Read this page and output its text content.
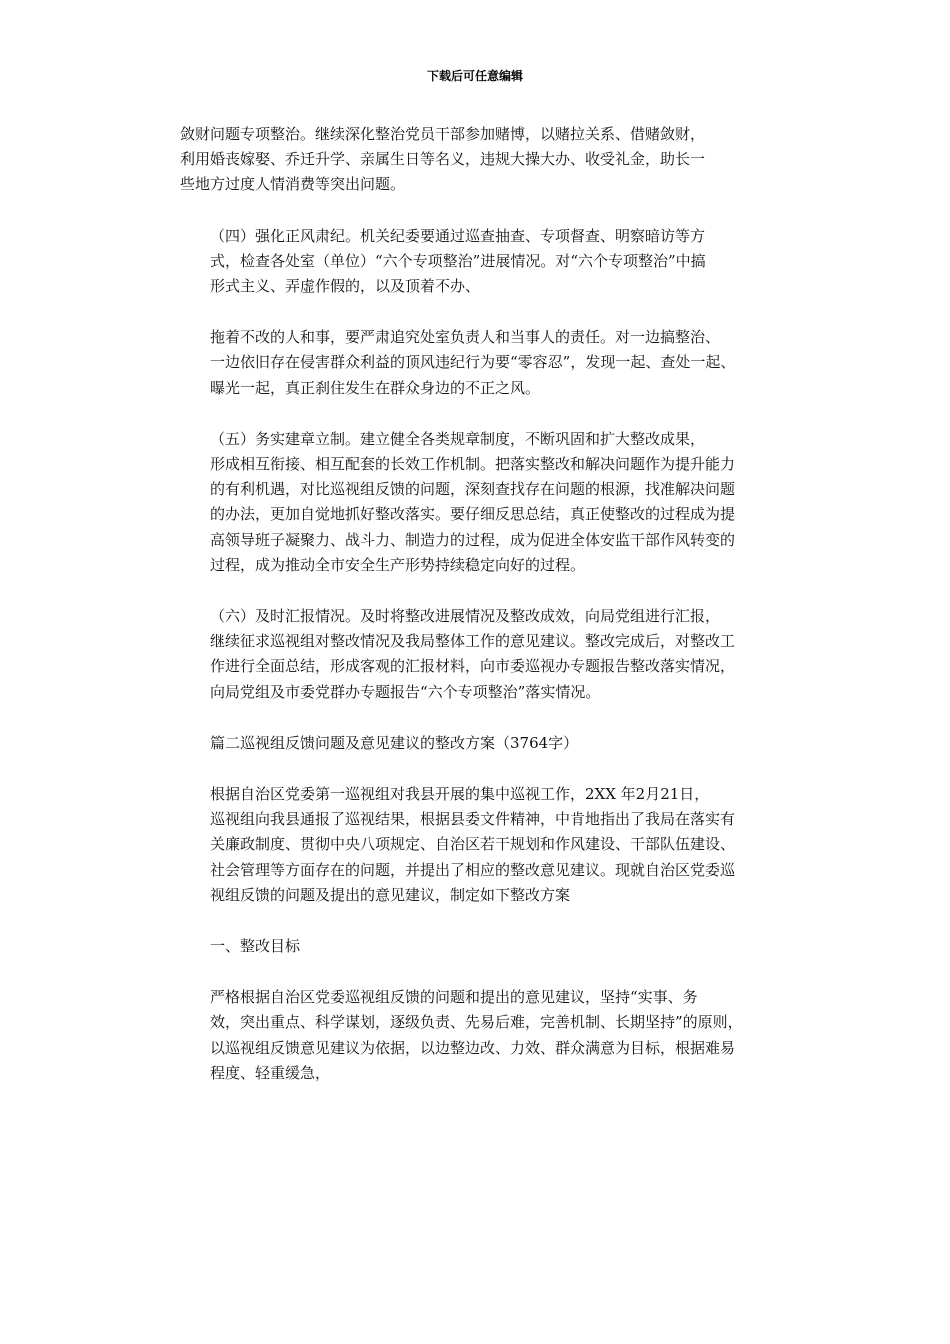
下载后可任意编辑
敛财问题专项整治。继续深化整治党员干部参加赌博，以赌拉关系、借赌敛财，
利用婚丧嫁娶、乔迁升学、亲属生日等名义，违规大操大办、收受礼金，助长一
些地方过度人情消费等突出问题。
（四）强化正风肃纪。机关纪委要通过巡查抽查、专项督查、明察暗访等方
式，检查各处室（单位）“六个专项整治”进展情况。对“六个专项整治”中搞
形式主义、弄虚作假的，以及顶着不办、
拖着不改的人和事，要严肃追究处室负责人和当事人的责任。对一边搞整治、
一边依旧存在侵害群众利益的顶风违纪行为要“零容忍”，发现一起、查处一起、
曝光一起，真正刹住发生在群众身边的不正之风。
（五）务实建章立制。建立健全各类规章制度，不断巩固和扩大整改成果，
形成相互衔接、相互配套的长效工作机制。把落实整改和解决问题作为提升能力
的有利机遇，对比巡视组反馈的问题，深刻查找存在问题的根源，找准解决问题
的办法，更加自觉地抓好整改落实。要仔细反思总结，真正使整改的过程成为提
高领导班子凝聚力、战斗力、制造力的过程，成为促进全体安监干部作风转变的
过程，成为推动全市安全生产形势持续稳定向好的过程。
（六）及时汇报情况。及时将整改进展情况及整改成效，向局党组进行汇报，
继续征求巡视组对整改情况及我局整体工作的意见建议。整改完成后，对整改工
作进行全面总结，形成客观的汇报材料，向市委巡视办专题报告整改落实情况，
向局党组及市委党群办专题报告“六个专项整治”落实情况。
篇二巡视组反馈问题及意见建议的整改方案（3764字）
根据自治区党委第一巡视组对我县开展的集中巡视工作，2XX 年2月21日，
巡视组向我县通报了巡视结果，根据县委文件精神，中肯地指出了我局在落实有
关廉政制度、贯彻中央八项规定、自治区若干规划和作风建设、干部队伍建设、
社会管理等方面存在的问题，并提出了相应的整改意见建议。现就自治区党委巡
视组反馈的问题及提出的意见建议，制定如下整改方案
一、整改目标
严格根据自治区党委巡视组反馈的问题和提出的意见建议，坚持“实事、务
效，突出重点、科学谋划，逐级负责、先易后难，完善机制、长期坚持”的原则，
以巡视组反馈意见建议为依据，以边整边改、力效、群众满意为目标，根据难易
程度、轻重缓急，
